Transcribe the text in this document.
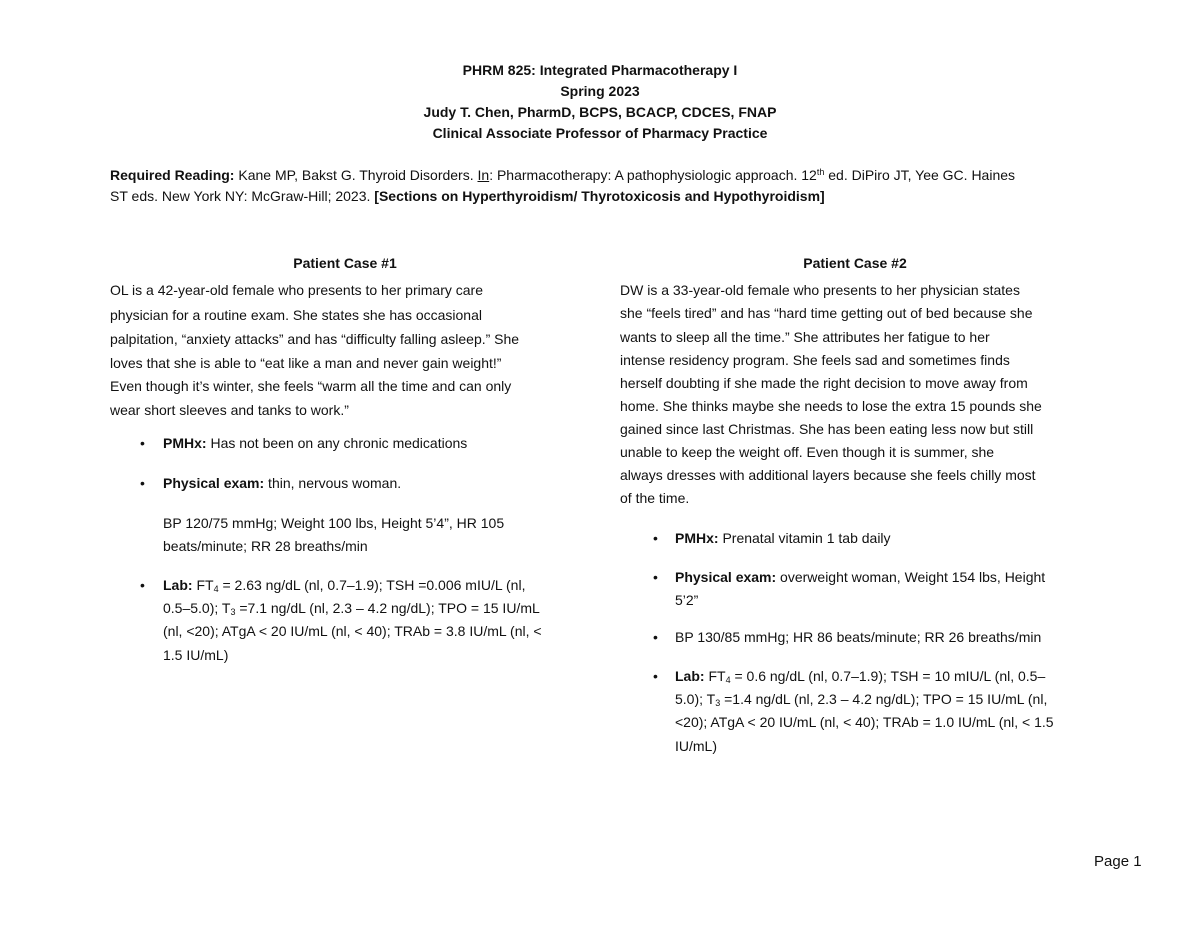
PHRM 825: Integrated Pharmacotherapy I
Spring 2023
Judy T. Chen, PharmD, BCPS, BCACP, CDCES, FNAP
Clinical Associate Professor of Pharmacy Practice
Required Reading: Kane MP, Bakst G. Thyroid Disorders. In: Pharmacotherapy: A pathophysiologic approach. 12th ed. DiPiro JT, Yee GC. Haines
ST eds. New York NY: McGraw-Hill; 2023. [Sections on Hyperthyroidism/ Thyrotoxicosis and Hypothyroidism]
Patient Case #1
OL is a 42-year-old female who presents to her primary care
physician for a routine exam. She states she has occasional
palpitation, “anxiety attacks” and has “difficulty falling asleep.” She
loves that she is able to “eat like a man and never gain weight!”
Even though it’s winter, she feels “warm all the time and can only
wear short sleeves and tanks to work.”
• PMHx: Has not been on any chronic medications
• Physical exam: thin, nervous woman.
BP 120/75 mmHg; Weight 100 lbs, Height 5’4”, HR 105
beats/minute; RR 28 breaths/min
• Lab: $FT_4 = 2.63$ ng/dL (nl, 0.7–1.9); TSH =0.006 mIU/L (nl,
0.5–5.0); $T_3 =7.1$ ng/dL (nl, 2.3 – 4.2 ng/dL); TPO = 15 IU/mL
(nl, <20); ATgA < 20 IU/mL (nl, < 40); TRAb = 3.8 IU/mL (nl, <
1.5 IU/mL)
Patient Case #2
DW is a 33-year-old female who presents to her physician states
she “feels tired” and has “hard time getting out of bed because she
wants to sleep all the time.” She attributes her fatigue to her
intense residency program. She feels sad and sometimes finds
herself doubting if she made the right decision to move away from
home. She thinks maybe she needs to lose the extra 15 pounds she
gained since last Christmas. She has been eating less now but still
unable to keep the weight off. Even though it is summer, she
always dresses with additional layers because she feels chilly most
of the time.
• PMHx: Prenatal vitamin 1 tab daily
• Physical exam: overweight woman, Weight 154 lbs, Height
5’2”
• BP 130/85 mmHg; HR 86 beats/minute; RR 26 breaths/min
• Lab: $FT_4 = 0.6$ ng/dL (nl, 0.7–1.9); TSH = 10 mIU/L (nl, 0.5–
5.0); $T_3 =1.4$ ng/dL (nl, 2.3 – 4.2 ng/dL); TPO = 15 IU/mL (nl,
<20); ATgA < 20 IU/mL (nl, < 40); TRAb = 1.0 IU/mL (nl, < 1.5
IU/mL)
Page 1
